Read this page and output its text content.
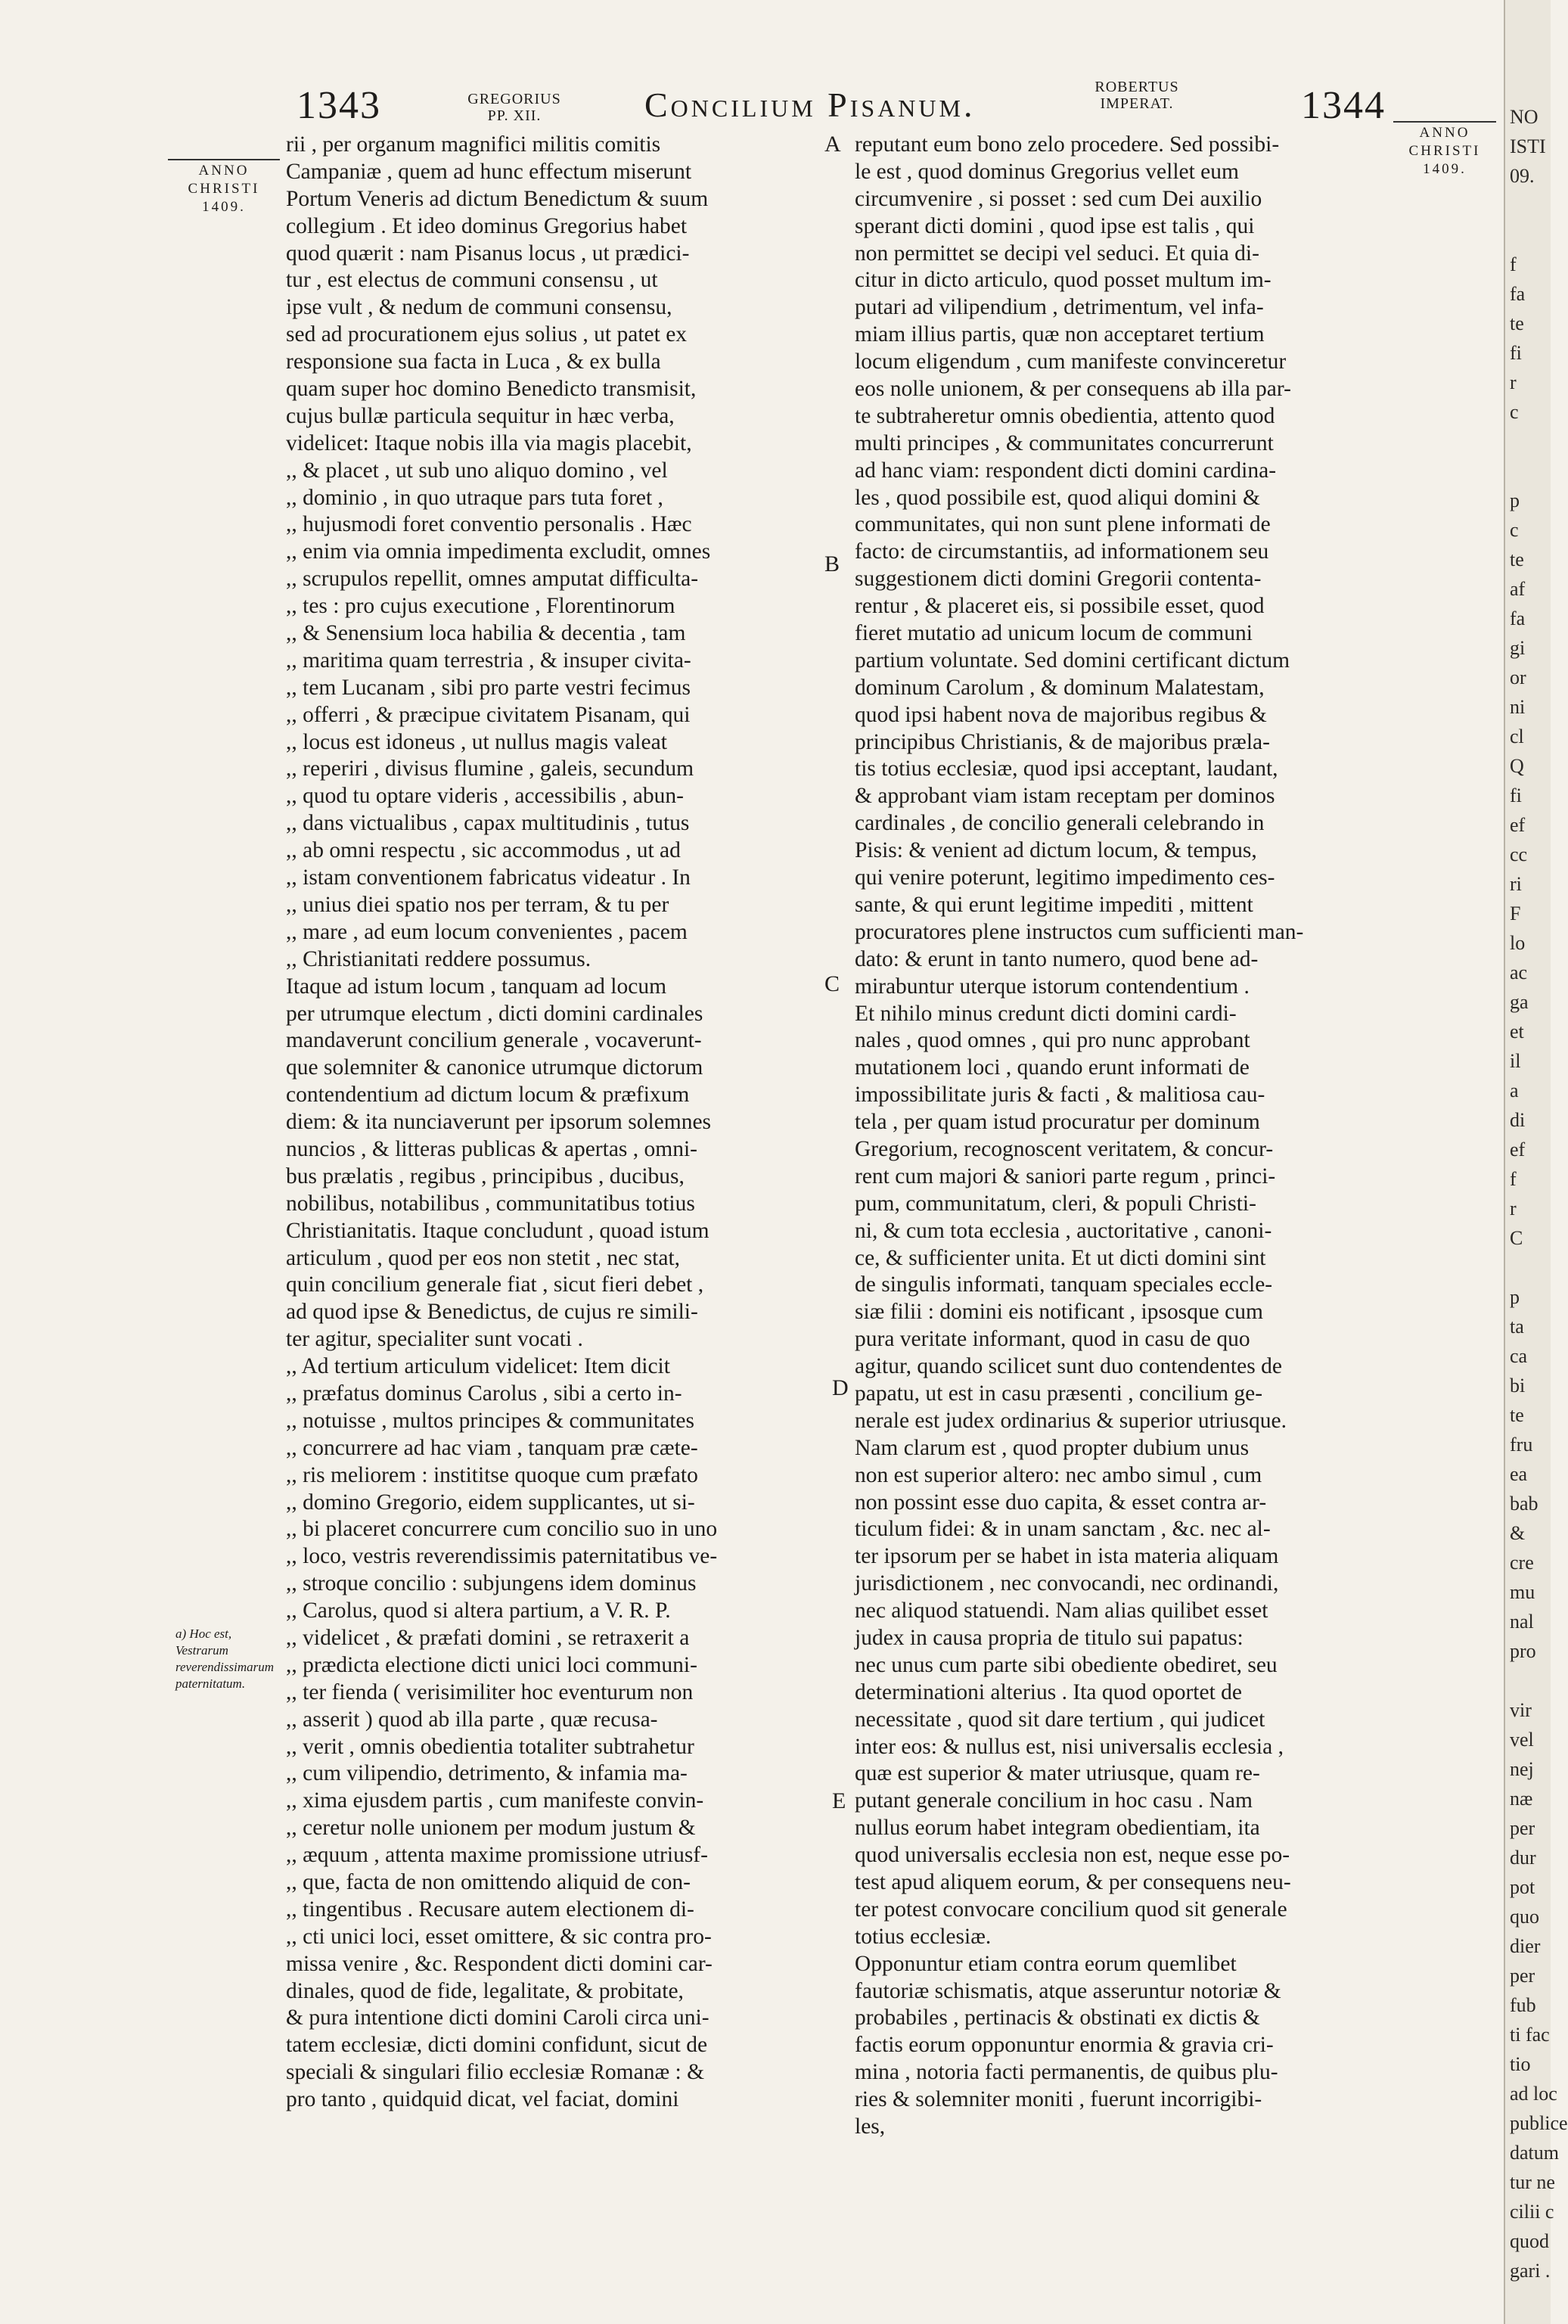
1343	GREGORIUS
PP. XII.	Concilium Pisanum.	ROBERTUS
IMPERAT.	1344
ANNO
CHRISTI
1409.
ANNO
CHRISTI
1409.
A
B
C
D
E
a) Hoc est, Vestrarum reverendissimarum paternitatum.
rii , per organum magnifici militis comitis
Campaniæ , quem ad hunc effectum miserunt
Portum Veneris ad dictum Benedictum & suum
collegium . Et ideo dominus Gregorius habet
quod quærit : nam Pisanus locus , ut prædici-
tur , est electus de communi consensu , ut
ipse vult , & nedum de communi consensu,
sed ad procurationem ejus solius , ut patet ex
responsione sua facta in Luca , & ex bulla
quam super hoc domino Benedicto transmisit,
cujus bullæ particula sequitur in hæc verba,
videlicet: Itaque nobis illa via magis placebit,
,, & placet , ut sub uno aliquo domino , vel
,, dominio , in quo utraque pars tuta foret ,
,, hujusmodi foret conventio personalis . Hæc
,, enim via omnia impedimenta excludit, omnes
,, scrupulos repellit, omnes amputat difficulta-
,, tes : pro cujus executione , Florentinorum
,, & Senensium loca habilia & decentia , tam
,, maritima quam terrestria , & insuper civita-
,, tem Lucanam , sibi pro parte vestri fecimus
,, offerri , & præcipue civitatem Pisanam, qui
,, locus est idoneus , ut nullus magis valeat
,, reperiri , divisus flumine , galeis, secundum
,, quod tu optare videris , accessibilis , abun-
,, dans victualibus , capax multitudinis , tutus
,, ab omni respectu , sic accommodus , ut ad
,, istam conventionem fabricatus videatur . In
,, unius diei spatio nos per terram, & tu per
,, mare , ad eum locum convenientes , pacem
,, Christianitati reddere possumus.
Itaque ad istum locum , tanquam ad locum
per utrumque electum , dicti domini cardinales
mandaverunt concilium generale , vocaverunt-
que solemniter & canonice utrumque dictorum
contendentium ad dictum locum & præfixum
diem: & ita nunciaverunt per ipsorum solemnes
nuncios , & litteras publicas & apertas , omni-
bus prælatis , regibus , principibus , ducibus,
nobilibus, notabilibus , communitatibus totius
Christianitatis. Itaque concludunt , quoad istum
articulum , quod per eos non stetit , nec stat,
quin concilium generale fiat , sicut fieri debet ,
ad quod ipse & Benedictus, de cujus re simili-
ter agitur, specialiter sunt vocati .
,, Ad tertium articulum videlicet: Item dicit
,, præfatus dominus Carolus , sibi a certo in-
,, notuisse , multos principes & communitates
,, concurrere ad hac viam , tanquam præ cæte-
,, ris meliorem : instititse quoque cum præfato
,, domino Gregorio, eidem supplicantes, ut si-
,, bi placeret concurrere cum concilio suo in uno
,, loco, vestris reverendissimis paternitatibus ve-
,, stroque concilio : subjungens idem dominus
,, Carolus, quod si altera partium, a V. R. P.
,, videlicet , & præfati domini , se retraxerit a
,, prædicta electione dicti unici loci communi-
,, ter fienda ( verisimiliter hoc eventurum non
,, asserit ) quod ab illa parte , quæ recusa-
,, verit , omnis obedientia totaliter subtrahetur
,, cum vilipendio, detrimento, & infamia ma-
,, xima ejusdem partis , cum manifeste convin-
,, ceretur nolle unionem per modum justum &
,, æquum , attenta maxime promissione utriusf-
,, que, facta de non omittendo aliquid de con-
,, tingentibus . Recusare autem electionem di-
,, cti unici loci, esset omittere, & sic contra pro-
missa venire , &c. Respondent dicti domini car-
dinales, quod de fide, legalitate, & probitate,
& pura intentione dicti domini Caroli circa uni-
tatem ecclesiæ, dicti domini confidunt, sicut de
speciali & singulari filio ecclesiæ Romanæ : &
pro tanto , quidquid dicat, vel faciat, domini
reputant eum bono zelo procedere. Sed possibi-
le est , quod dominus Gregorius vellet eum
circumvenire , si posset : sed cum Dei auxilio
sperant dicti domini , quod ipse est talis , qui
non permittet se decipi vel seduci. Et quia di-
citur in dicto articulo, quod posset multum im-
putari ad vilipendium , detrimentum, vel infa-
miam illius partis, quæ non acceptaret tertium
locum eligendum , cum manifeste convinceretur
eos nolle unionem, & per consequens ab illa par-
te subtraheretur omnis obedientia, attento quod
multi principes , & communitates concurrerunt
ad hanc viam: respondent dicti domini cardina-
les , quod possibile est, quod aliqui domini &
communitates, qui non sunt plene informati de
facto: de circumstantiis, ad informationem seu
suggestionem dicti domini Gregorii contenta-
rentur , & placeret eis, si possibile esset, quod
fieret mutatio ad unicum locum de communi
partium voluntate. Sed domini certificant dictum
dominum Carolum , & dominum Malatestam,
quod ipsi habent nova de majoribus regibus &
principibus Christianis, & de majoribus præla-
tis totius ecclesiæ, quod ipsi acceptant, laudant,
& approbant viam istam receptam per dominos
cardinales , de concilio generali celebrando in
Pisis: & venient ad dictum locum, & tempus,
qui venire poterunt, legitimo impedimento ces-
sante, & qui erunt legitime impediti , mittent
procuratores plene instructos cum sufficienti man-
dato: & erunt in tanto numero, quod bene ad-
mirabuntur uterque istorum contendentium .
Et nihilo minus credunt dicti domini cardi-
nales , quod omnes , qui pro nunc approbant
mutationem loci , quando erunt informati de
impossibilitate juris & facti , & malitiosa cau-
tela , per quam istud procuratur per dominum
Gregorium, recognoscent veritatem, & concur-
rent cum majori & saniori parte regum , princi-
pum, communitatum, cleri, & populi Christi-
ni, & cum tota ecclesia , auctoritative , canoni-
ce, & sufficienter unita. Et ut dicti domini sint
de singulis informati, tanquam speciales eccle-
siæ filii : domini eis notificant , ipsosque cum
pura veritate informant, quod in casu de quo
agitur, quando scilicet sunt duo contendentes de
papatu, ut est in casu præsenti , concilium ge-
nerale est judex ordinarius & superior utriusque.
Nam clarum est , quod propter dubium unus
non est superior altero: nec ambo simul , cum
non possint esse duo capita, & esset contra ar-
ticulum fidei: & in unam sanctam , &c. nec al-
ter ipsorum per se habet in ista materia aliquam
jurisdictionem , nec convocandi, nec ordinandi,
nec aliquod statuendi. Nam alias quilibet esset
judex in causa propria de titulo sui papatus:
nec unus cum parte sibi obediente obediret, seu
determinationi alterius . Ita quod oportet de
necessitate , quod sit dare tertium , qui judicet
inter eos: & nullus est, nisi universalis ecclesia ,
quæ est superior & mater utriusque, quam re-
putant generale concilium in hoc casu . Nam
nullus eorum habet integram obedientiam, ita
quod universalis ecclesia non est, neque esse po-
test apud aliquem eorum, & per consequens neu-
ter potest convocare concilium quod sit generale
totius ecclesiæ.
Opponuntur etiam contra eorum quemlibet
fautoriæ schismatis, atque asseruntur notoriæ &
probabiles , pertinacis & obstinati ex dictis &
factis eorum opponuntur enormia & gravia cri-
mina , notoria facti permanentis, de quibus plu-
ries & solemniter moniti , fuerunt incorrigibi-
les,
NO
ISTI
09.
f
fa
te
fi
r
c
p
c
te
af
fa
gi
or
ni
cl
Q
fi
ef
cc
ri
F
lo
ac
ga
et
il
a
di
ef
f
r
C
p
ta
ca
bi
te
fru
ea
bab
&
cre
mu
nal
pro
vir
vel
nej
næ
per
dur
pot
quo
dier
per
fub
ti fac
tio
ad loc
publice
datum
tur ne
cilii c
quod
gari .
